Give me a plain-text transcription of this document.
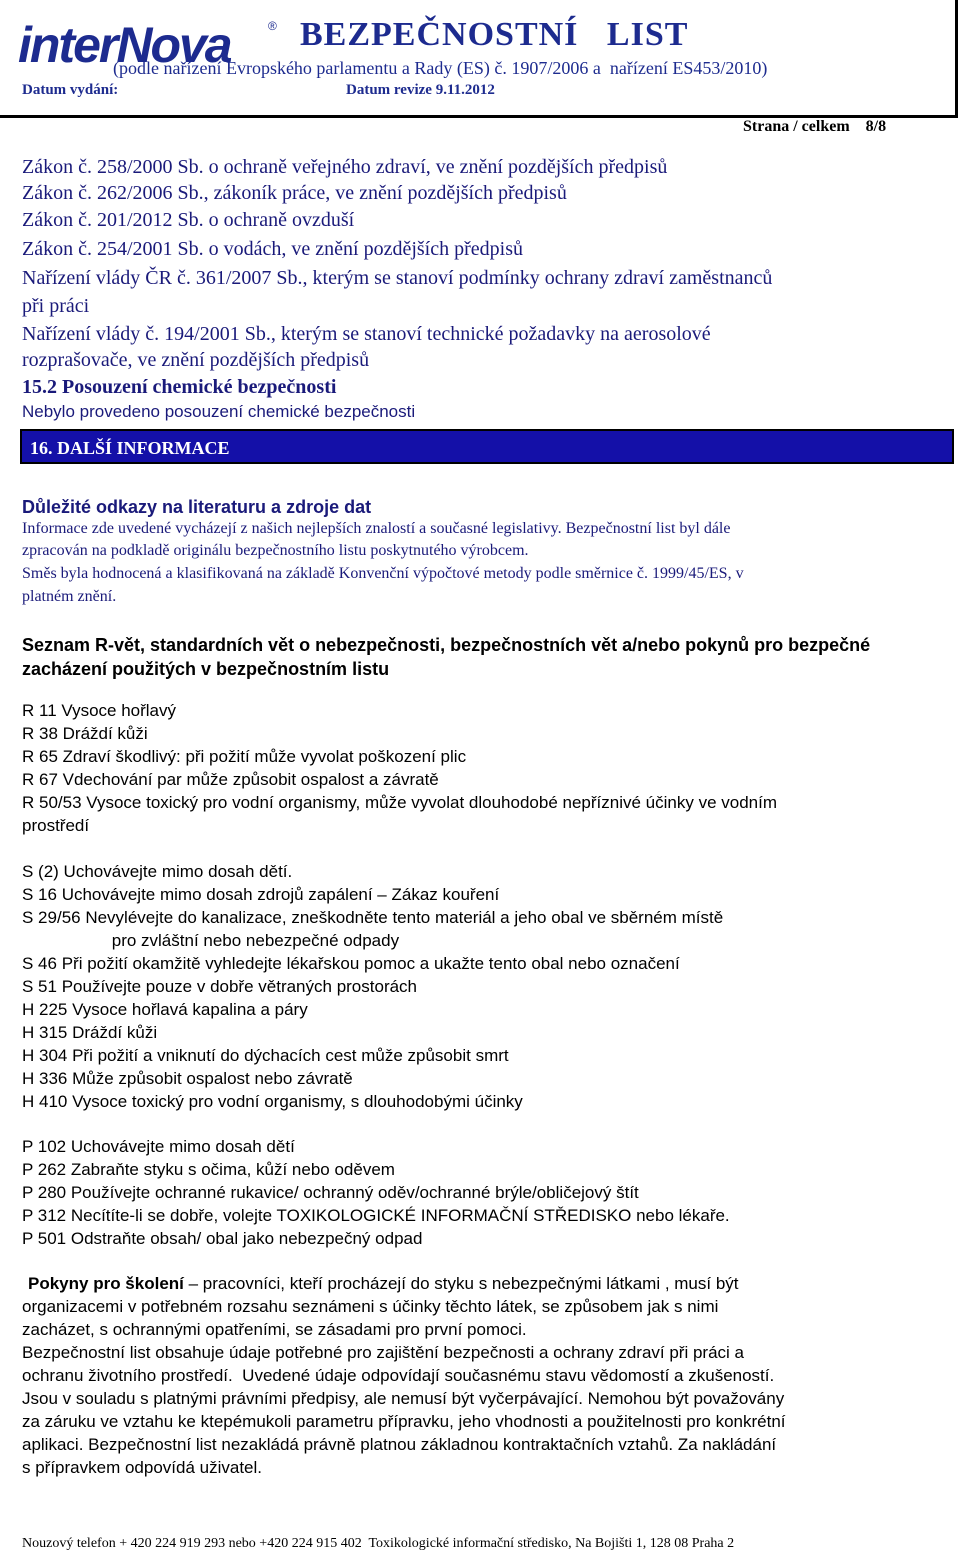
interNova	® BEZPEČNOSTNÍ   LIST
(podle nařízení Evropského parlamentu a Rady (ES) č. 1907/2006 a  nařízení ES453/2010)
Datum vydání:	Datum revize 9.11.2012
Strana / celkem    8/8
Zákon č. 258/2000 Sb. o ochraně veřejného zdraví, ve znění pozdějších předpisů
Zákon č. 262/2006 Sb., zákoník práce, ve znění pozdějších předpisů
Zákon č. 201/2012 Sb. o ochraně ovzduší
Zákon č. 254/2001 Sb. o vodách, ve znění pozdějších předpisů
Nařízení vlády ČR č. 361/2007 Sb., kterým se stanoví podmínky ochrany zdraví zaměstnanců
při práci
Nařízení vlády č. 194/2001 Sb., kterým se stanoví technické požadavky na aerosolové
rozprašovače, ve znění pozdějších předpisů
15.2 Posouzení chemické bezpečnosti
Nebylo provedeno posouzení chemické bezpečnosti
16. DALŠÍ INFORMACE
Důležité odkazy na literaturu a zdroje dat
Informace zde uvedené vycházejí z našich nejlepších znalostí a současné legislativy. Bezpečnostní list byl dále
zpracován na podkladě originálu bezpečnostního listu poskytnutého výrobcem.
Směs byla hodnocená a klasifikovaná na základě Konvenční výpočtové metody podle směrnice č. 1999/45/ES, v
platném znění.
Seznam R-vět, standardních vět o nebezpečnosti, bezpečnostních vět a/nebo pokynů pro bezpečné zacházení použitých v bezpečnostním listu
R 11 Vysoce hořlavý
R 38 Dráždí kůži
R 65 Zdraví škodlivý: při požití může vyvolat poškození plic
R 67 Vdechování par může způsobit ospalost a závratě
R 50/53 Vysoce toxický pro vodní organismy, může vyvolat dlouhodobé nepříznivé účinky ve vodním
prostředí
S (2) Uchovávejte mimo dosah dětí.
S 16 Uchovávejte mimo dosah zdrojů zapálení – Zákaz kouření
S 29/56 Nevylévejte do kanalizace, zneškodněte tento materiál a jeho obal ve sběrném místě
pro zvláštní nebo nebezpečné odpady
S 46 Při požití okamžitě vyhledejte lékařskou pomoc a ukažte tento obal nebo označení
S 51 Používejte pouze v dobře větraných prostorách
H 225 Vysoce hořlavá kapalina a páry
H 315 Dráždí kůži
H 304 Při požití a vniknutí do dýchacích cest může způsobit smrt
H 336 Může způsobit ospalost nebo závratě
H 410 Vysoce toxický pro vodní organismy, s dlouhodobými účinky
P 102 Uchovávejte mimo dosah dětí
P 262 Zabraňte styku s očima, kůží nebo oděvem
P 280 Používejte ochranné rukavice/ ochranný oděv/ochranné brýle/obličejový štít
P 312 Necítíte-li se dobře, volejte TOXIKOLOGICKÉ INFORMAČNÍ STŘEDISKO nebo lékaře.
P 501 Odstraňte obsah/ obal jako nebezpečný odpad
Pokyny pro školení – pracovníci, kteří procházejí do styku s nebezpečnými látkami , musí být
organizacemi v potřebném rozsahu seznámeni s účinky těchto látek, se způsobem jak s nimi
zacházet, s ochrannými opatřeními, se zásadami pro první pomoci.
Bezpečnostní list obsahuje údaje potřebné pro zajištění bezpečnosti a ochrany zdraví při práci a
ochranu životního prostředí.  Uvedené údaje odpovídají současnému stavu vědomostí a zkušeností.
Jsou v souladu s platnými právními předpisy, ale nemusí být vyčerpávající. Nemohou být považovány
za záruku ve vztahu ke ktерémukoli parametru přípravku, jeho vhodnosti a použitelnosti pro konkrétní
aplikaci. Bezpečnostní list nezakládá právně platnou základnou kontraktačních vztahů. Za nakládání
s přípravkem odpovídá uživatel.
Nouzový telefon + 420 224 919 293 nebo +420 224 915 402  Toxikologické informační středisko, Na Bojišti 1, 128 08 Praha 2
